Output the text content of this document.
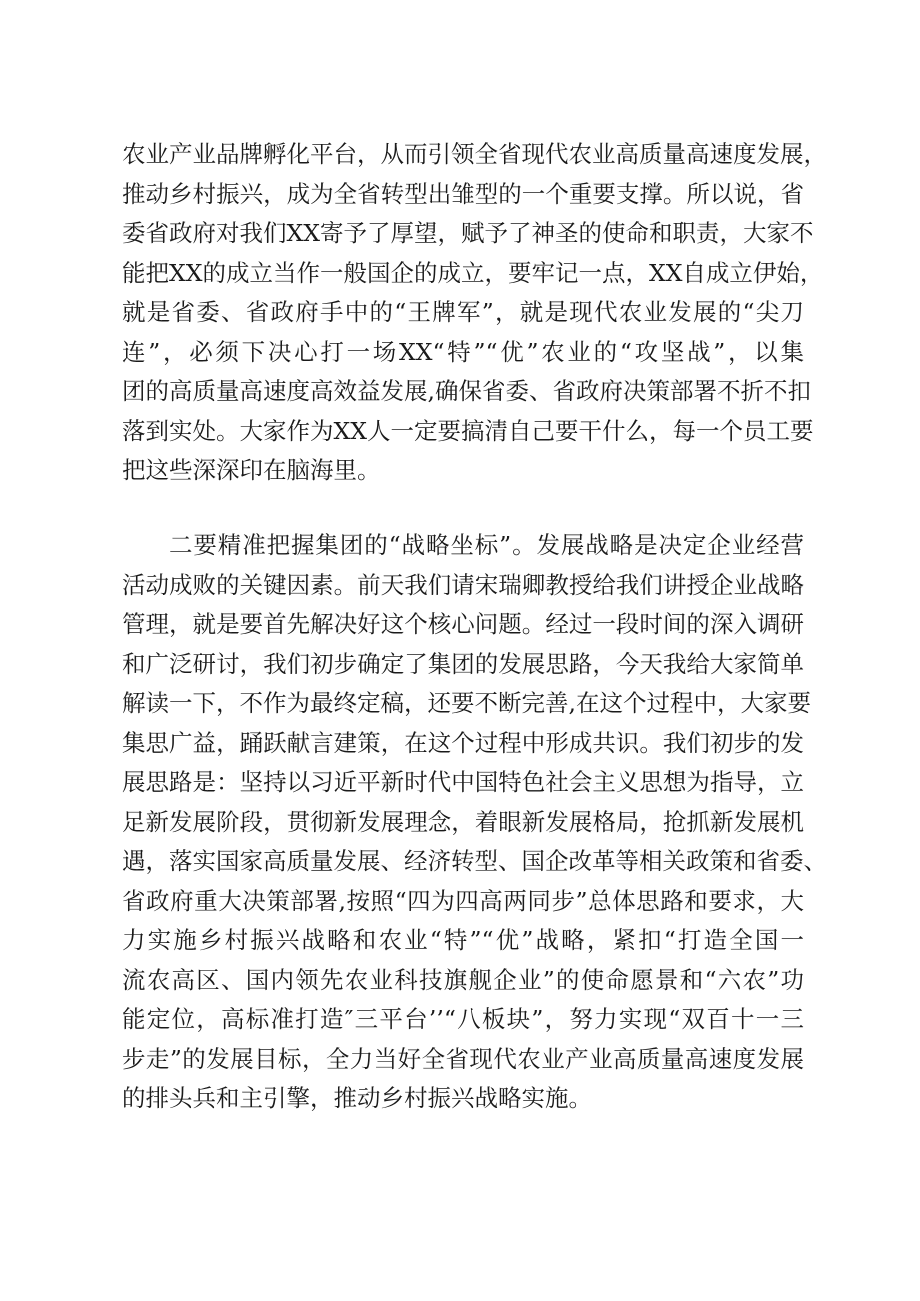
农业产业品牌孵化平台，从而引领全省现代农业高质量高速度发展，
推动乡村振兴，成为全省转型出雏型的一个重要支撑。所以说，省
委省政府对我们XX寄予了厚望，赋予了神圣的使命和职责，大家不
能把XX的成立当作一般国企的成立，要牢记一点，XX自成立伊始，
就是省委、省政府手中的“王牌军”，就是现代农业发展的“尖刀
连”，必须下决心打一场XX“特”“优”农业的“攻坚战”，以集
团的高质量高速度高效益发展,确保省委、省政府决策部署不折不扣
落到实处。大家作为XX人一定要搞清自己要干什么，每一个员工要
把这些深深印在脑海里。
二要精准把握集团的“战略坐标”。发展战略是决定企业经营
活动成败的关键因素。前天我们请宋瑞卿教授给我们讲授企业战略
管理，就是要首先解决好这个核心问题。经过一段时间的深入调研
和广泛研讨，我们初步确定了集团的发展思路，今天我给大家简单
解读一下，不作为最终定稿，还要不断完善,在这个过程中，大家要
集思广益，踊跃献言建策，在这个过程中形成共识。我们初步的发
展思路是：坚持以习近平新时代中国特色社会主义思想为指导，立
足新发展阶段，贯彻新发展理念，着眼新发展格局，抢抓新发展机
遇，落实国家高质量发展、经济转型、国企改革等相关政策和省委、
省政府重大决策部署,按照“四为四高两同步”总体思路和要求，大
力实施乡村振兴战略和农业“特”“优”战略，紧扣“打造全国一
流农高区、国内领先农业科技旗舰企业”的使命愿景和“六农”功
能定位，高标准打造″三平台’’“八板块”，努力实现“双百十一三
步走”的发展目标，全力当好全省现代农业产业高质量高速度发展
的排头兵和主引擎，推动乡村振兴战略实施。
